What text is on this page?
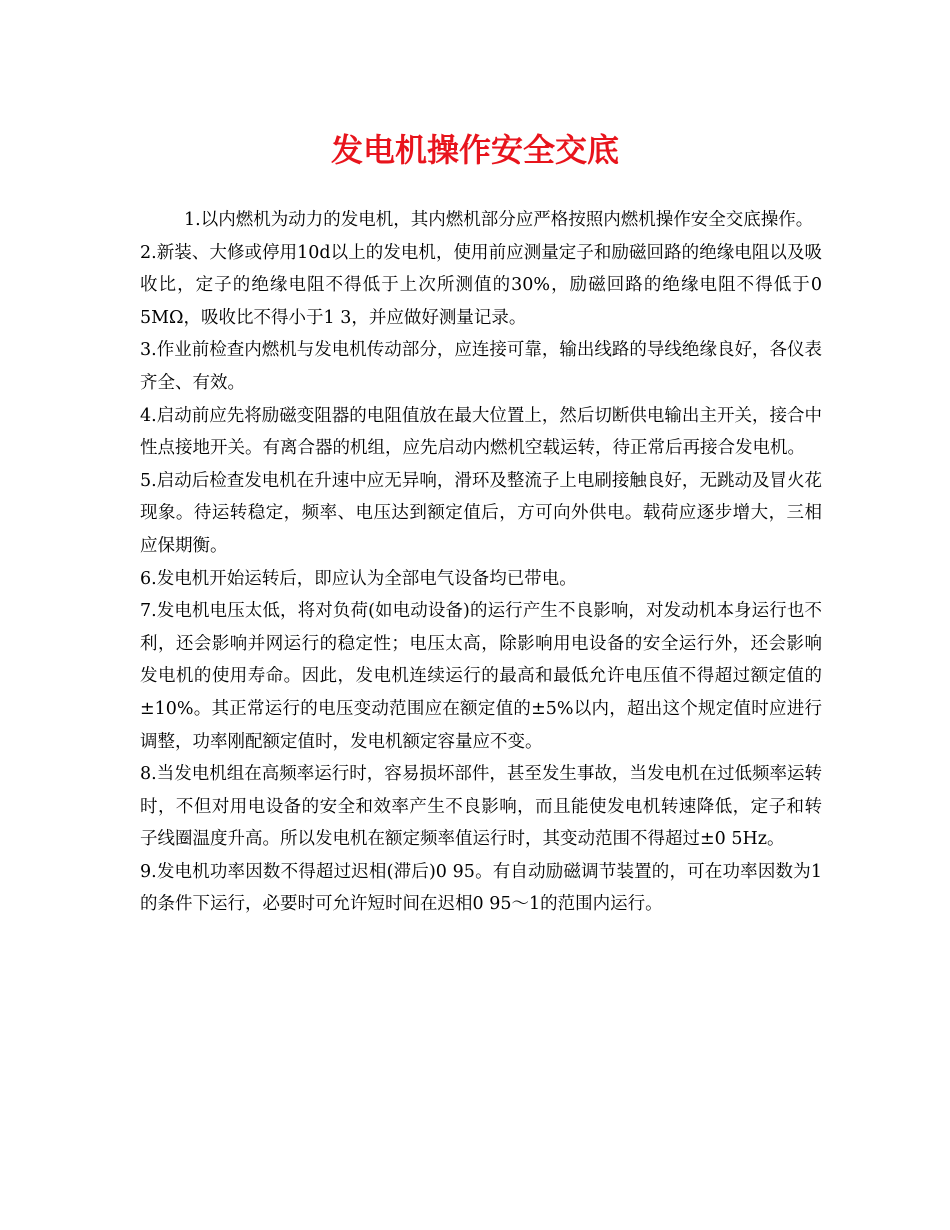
发电机操作安全交底

1.以内燃机为动力的发电机，其内燃机部分应严格按照内燃机操作安全交底操作。

2.新装、大修或停用10d以上的发电机，使用前应测量定子和励磁回路的绝缘电阻以及吸收比，定子的绝缘电阻不得低于上次所测值的30%，励磁回路的绝缘电阻不得低于0 5MΩ，吸收比不得小于1 3，并应做好测量记录。

3.作业前检查内燃机与发电机传动部分，应连接可靠，输出线路的导线绝缘良好，各仪表齐全、有效。

4.启动前应先将励磁变阻器的电阻值放在最大位置上，然后切断供电输出主开关，接合中性点接地开关。有离合器的机组，应先启动内燃机空载运转，待正常后再接合发电机。

5.启动后检查发电机在升速中应无异响，滑环及整流子上电刷接触良好，无跳动及冒火花现象。待运转稳定，频率、电压达到额定值后，方可向外供电。载荷应逐步增大，三相应保期衡。

6.发电机开始运转后，即应认为全部电气设备均已带电。

7.发电机电压太低，将对负荷(如电动设备)的运行产生不良影响，对发动机本身运行也不利，还会影响并网运行的稳定性；电压太高，除影响用电设备的安全运行外，还会影响发电机的使用寿命。因此，发电机连续运行的最高和最低允许电压值不得超过额定值的±10%。其正常运行的电压变动范围应在额定值的±5%以内，超出这个规定值时应进行调整，功率刚配额定值时，发电机额定容量应不变。

8.当发电机组在高频率运行时，容易损坏部件，甚至发生事故，当发电机在过低频率运转时，不但对用电设备的安全和效率产生不良影响，而且能使发电机转速降低，定子和转子线圈温度升高。所以发电机在额定频率值运行时，其变动范围不得超过±0 5Hz。

9.发电机功率因数不得超过迟相(滞后)0 95。有自动励磁调节装置的，可在功率因数为1的条件下运行，必要时可允许短时间在迟相0 95～1的范围内运行。
